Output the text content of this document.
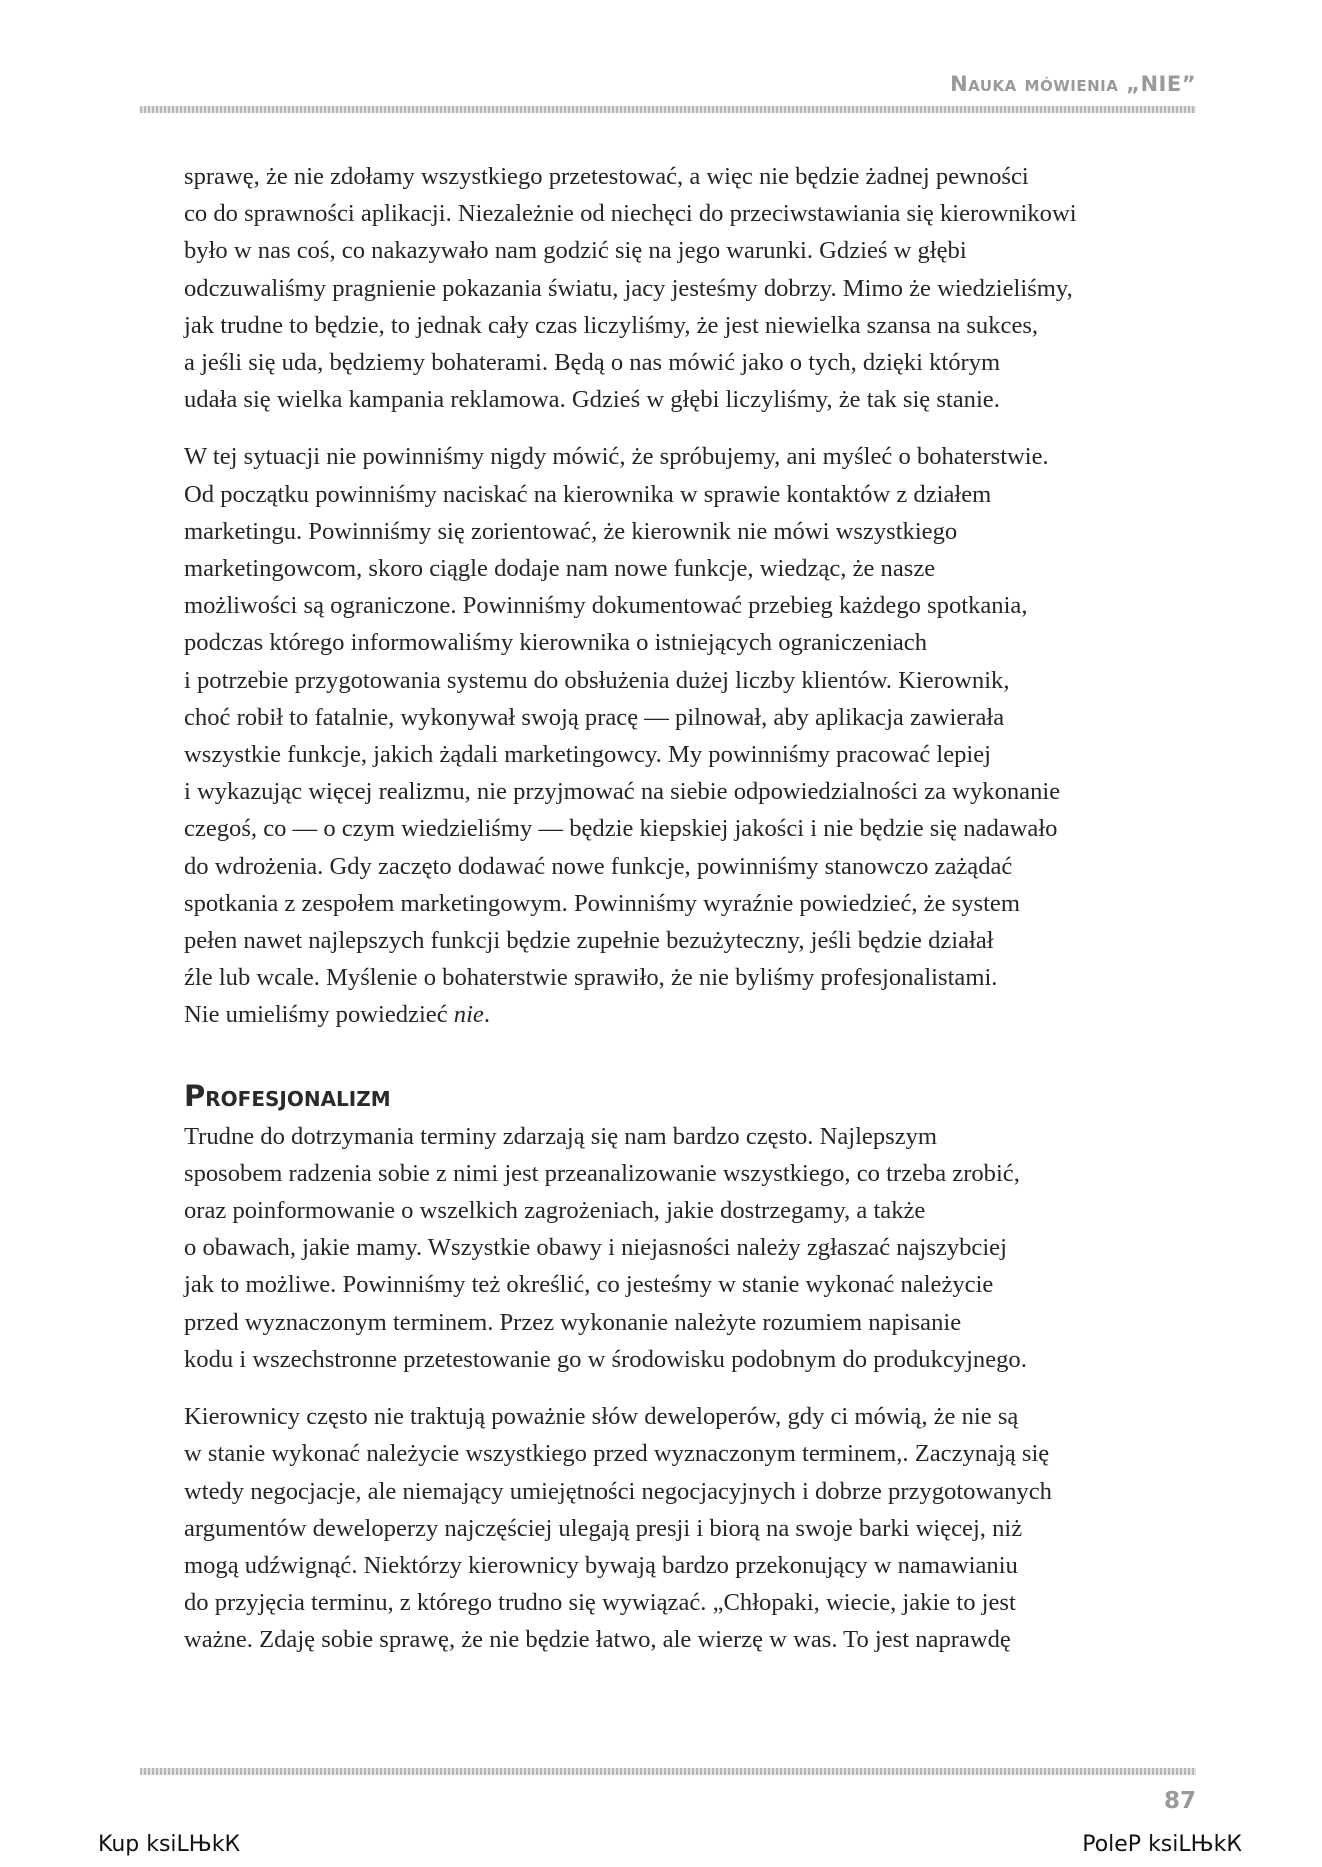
Nauka mówienia „NIE”
sprawę, że nie zdołamy wszystkiego przetestować, a więc nie będzie żadnej pewności
co do sprawności aplikacji. Niezależnie od niechęci do przeciwstawiania się kierownikowi
było w nas coś, co nakazywało nam godzić się na jego warunki. Gdzieś w głębi
odczuwaliśmy pragnienie pokazania światu, jacy jesteśmy dobrzy. Mimo że wiedzieliśmy,
jak trudne to będzie, to jednak cały czas liczyliśmy, że jest niewielka szansa na sukces,
a jeśli się uda, będziemy bohaterami. Będą o nas mówić jako o tych, dzięki którym
udała się wielka kampania reklamowa. Gdzieś w głębi liczyliśmy, że tak się stanie.
W tej sytuacji nie powinniśmy nigdy mówić, że spróbujemy, ani myśleć o bohaterstwie.
Od początku powinniśmy naciskać na kierownika w sprawie kontaktów z działem
marketingu. Powinniśmy się zorientować, że kierownik nie mówi wszystkiego
marketingowcom, skoro ciągle dodaje nam nowe funkcje, wiedząc, że nasze
możliwości są ograniczone. Powinniśmy dokumentować przebieg każdego spotkania,
podczas którego informowaliśmy kierownika o istniejących ograniczeniach
i potrzebie przygotowania systemu do obsłużenia dużej liczby klientów. Kierownik,
choć robił to fatalnie, wykonywał swoją pracę — pilnował, aby aplikacja zawierała
wszystkie funkcje, jakich żądali marketingowcy. My powinniśmy pracować lepiej
i wykazując więcej realizmu, nie przyjmować na siebie odpowiedzialności za wykonanie
czegoś, co — o czym wiedzieliśmy — będzie kiepskiej jakości i nie będzie się nadawało
do wdrożenia. Gdy zaczęto dodawać nowe funkcje, powinniśmy stanowczo zażądać
spotkania z zespołem marketingowym. Powinniśmy wyraźnie powiedzieć, że system
pełen nawet najlepszych funkcji będzie zupełnie bezużyteczny, jeśli będzie działał
źle lub wcale. Myślenie o bohaterstwie sprawiło, że nie byliśmy profesjonalistami.
Nie umieliśmy powiedzieć nie.
Profesjonalizm
Trudne do dotrzymania terminy zdarzają się nam bardzo często. Najlepszym
sposobem radzenia sobie z nimi jest przeanalizowanie wszystkiego, co trzeba zrobić,
oraz poinformowanie o wszelkich zagrożeniach, jakie dostrzegamy, a także
o obawach, jakie mamy. Wszystkie obawy i niejasności należy zgłaszać najszybciej
jak to możliwe. Powinniśmy też określić, co jesteśmy w stanie wykonać należycie
przed wyznaczonym terminem. Przez wykonanie należyte rozumiem napisanie
kodu i wszechstronne przetestowanie go w środowisku podobnym do produkcyjnego.
Kierownicy często nie traktują poważnie słów deweloperów, gdy ci mówią, że nie są
w stanie wykonać należycie wszystkiego przed wyznaczonym terminem,. Zaczynają się
wtedy negocjacje, ale niemający umiejętności negocjacyjnych i dobrze przygotowanych
argumentów deweloperzy najczęściej ulegają presji i biorą na swoje barki więcej, niż
mogą udźwignąć. Niektórzy kierownicy bywają bardzo przekonujący w namawianiu
do przyjęcia terminu, z którego trudno się wywiązać. „Chłopaki, wiecie, jakie to jest
ważne. Zdaję sobie sprawę, że nie będzie łatwo, ale wierzę w was. To jest naprawdę
87
Kup ksiLЊkК	PoleP ksiLЊkК
